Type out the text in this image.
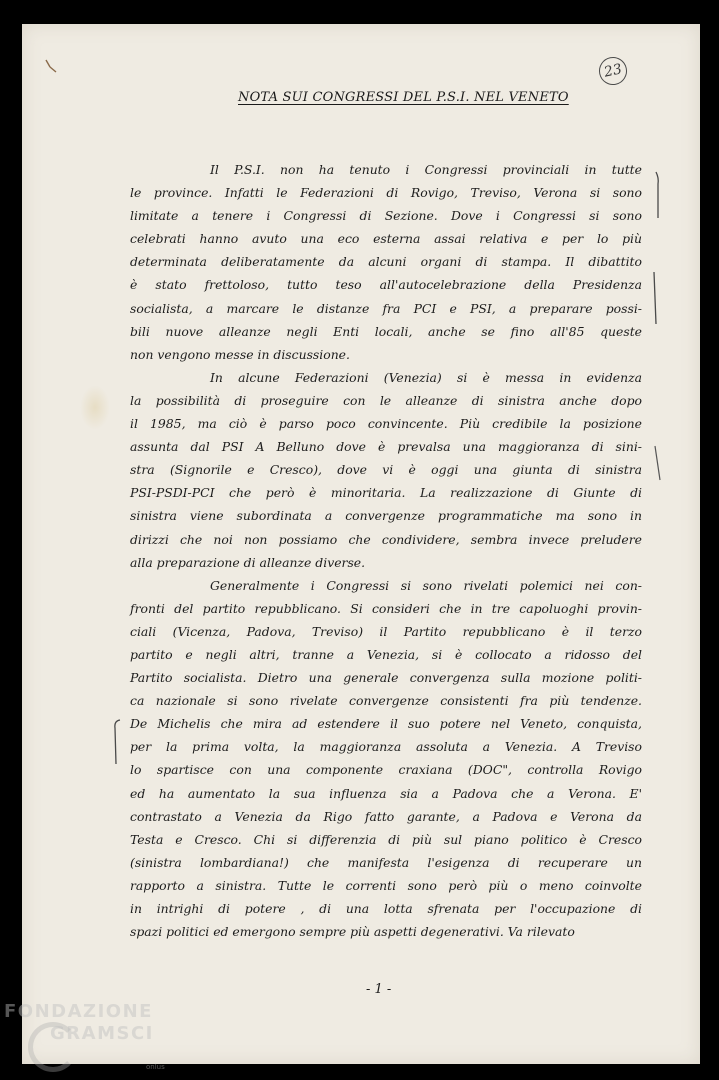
23
NOTA SUI CONGRESSI DEL P.S.I. NEL VENETO
Il P.S.I. non ha tenuto i Congressi provinciali in tutte
le province. Infatti le Federazioni di Rovigo, Treviso, Verona si sono
limitate a tenere i Congressi di Sezione. Dove i Congressi si sono
celebrati hanno avuto una eco esterna assai relativa e per lo più
determinata deliberatamente da alcuni organi di stampa. Il dibattito
è stato frettoloso, tutto teso all'autocelebrazione della Presidenza
socialista, a marcare le distanze fra PCI e PSI, a preparare possi-
bili nuove alleanze negli Enti locali, anche se fino all'85 queste
non vengono messe in discussione.
In alcune Federazioni (Venezia) si è messa in evidenza
la possibilità di proseguire con le alleanze di sinistra anche dopo
il 1985, ma ciò è parso poco convincente. Più credibile la posizione
assunta dal PSI A Belluno dove è prevalsa una maggioranza di sini-
stra (Signorile e Cresco), dove vi è oggi una giunta di sinistra
PSI-PSDI-PCI che però è minoritaria. La realizzazione di Giunte di
sinistra viene subordinata a convergenze programmatiche ma sono in
dirizzi che noi non possiamo che condividere, sembra invece preludere
alla preparazione di alleanze diverse.
Generalmente i Congressi si sono rivelati polemici nei con-
fronti del partito repubblicano. Si consideri che in tre capoluoghi provin-
ciali (Vicenza, Padova, Treviso) il Partito repubblicano è il terzo
partito e negli altri, tranne a Venezia, si è collocato a ridosso del
Partito socialista. Dietro una generale convergenza sulla mozione politi-
ca nazionale si sono rivelate convergenze consistenti fra più tendenze.
De Michelis che mira ad estendere il suo potere nel Veneto, conquista,
per la prima volta, la maggioranza assoluta a Venezia. A Treviso
lo spartisce con una componente craxiana (DOC", controlla Rovigo
ed ha aumentato la sua influenza sia a Padova che a Verona. E'
contrastato a Venezia da Rigo fatto garante, a Padova e Verona da
Testa e Cresco. Chi si differenzia di più sul piano politico è Cresco
(sinistra lombardiana!) che manifesta l'esigenza di recuperare un
rapporto a sinistra. Tutte le correnti sono però più o meno coinvolte
in intrighi di potere , di una lotta sfrenata per l'occupazione di
spazi politici ed emergono sempre più aspetti degenerativi. Va rilevato
- 1 -
FONDAZIONE
GRAMSCI
onlus
